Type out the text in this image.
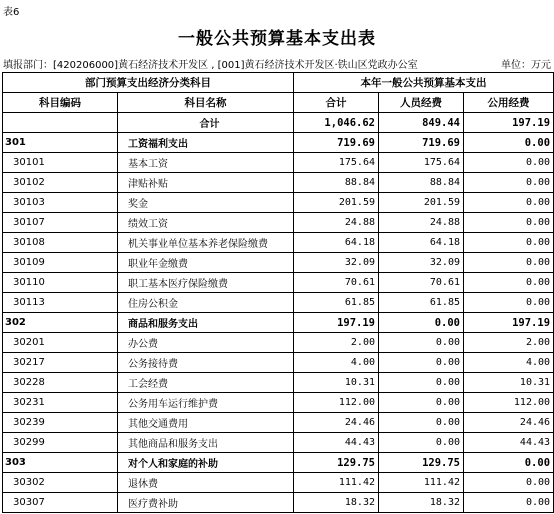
表6
一般公共预算基本支出表
填报部门：[420206000]黄石经济技术开发区 , [001]黄石经济技术开发区·铁山区党政办公室	单位：万元
部门预算支出经济分类科目		本年一般公共预算基本支出		
科目编码	科目名称	合计	人员经费	公用经费
	合计	1,046.62	849.44	197.19
301	工资福利支出	719.69	719.69	0.00
30101	基本工资	175.64	175.64	0.00
30102	津贴补贴	88.84	88.84	0.00
30103	奖金	201.59	201.59	0.00
30107	绩效工资	24.88	24.88	0.00
30108	机关事业单位基本养老保险缴费	64.18	64.18	0.00
30109	职业年金缴费	32.09	32.09	0.00
30110	职工基本医疗保险缴费	70.61	70.61	0.00
30113	住房公积金	61.85	61.85	0.00
302	商品和服务支出	197.19	0.00	197.19
30201	办公费	2.00	0.00	2.00
30217	公务接待费	4.00	0.00	4.00
30228	工会经费	10.31	0.00	10.31
30231	公务用车运行维护费	112.00	0.00	112.00
30239	其他交通费用	24.46	0.00	24.46
30299	其他商品和服务支出	44.43	0.00	44.43
303	对个人和家庭的补助	129.75	129.75	0.00
30302	退休费	111.42	111.42	0.00
30307	医疗费补助	18.32	18.32	0.00
